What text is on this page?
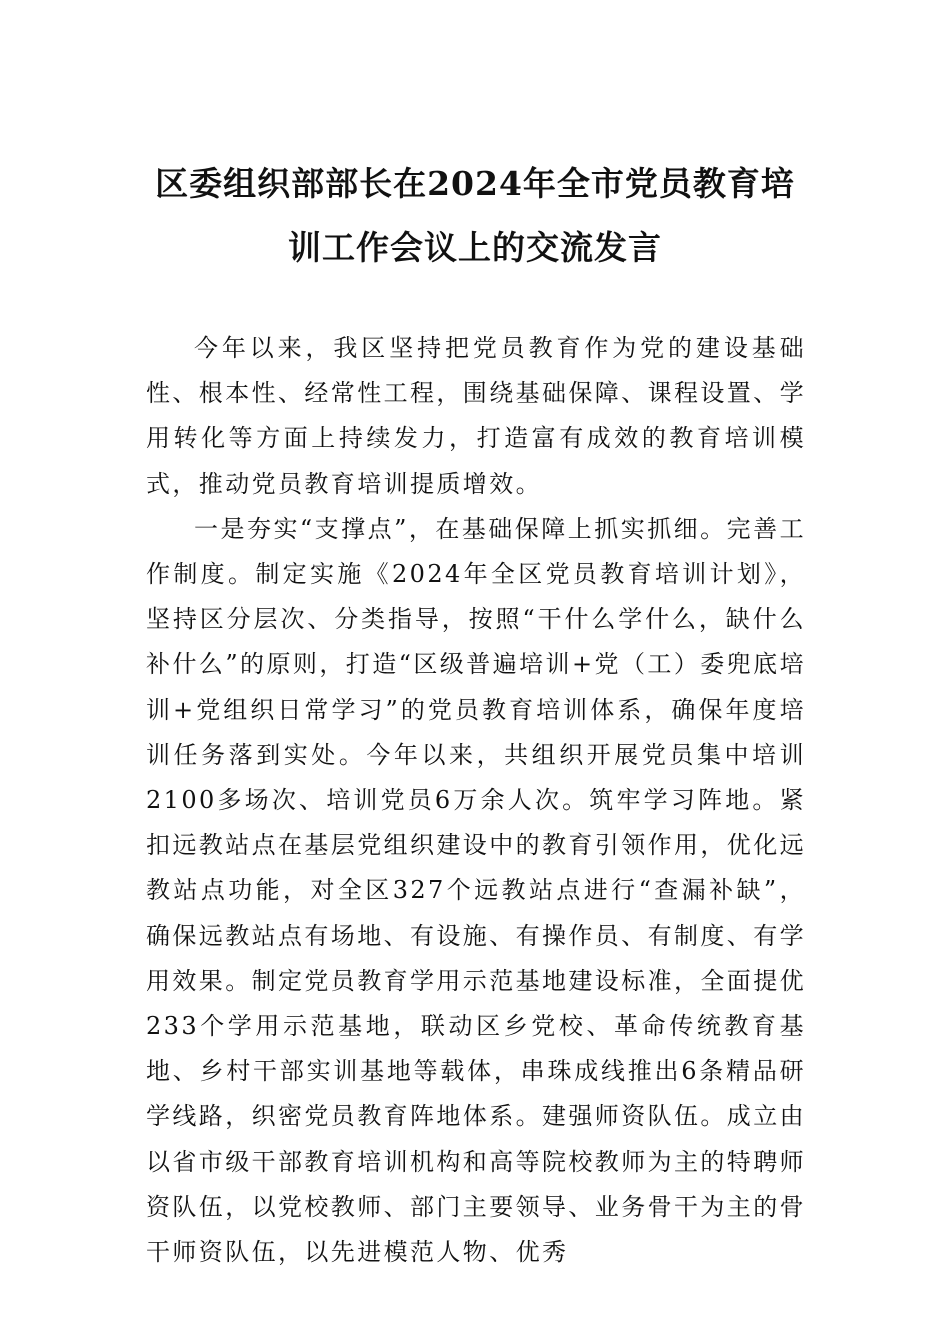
区委组织部部长在2024年全市党员教育培
训工作会议上的交流发言

今年以来，我区坚持把党员教育作为党的建设基础性、根本性、经常性工程，围绕基础保障、课程设置、学用转化等方面上持续发力，打造富有成效的教育培训模式，推动党员教育培训提质增效。

一是夯实“支撑点”，在基础保障上抓实抓细。完善工作制度。制定实施《2024年全区党员教育培训计划》，坚持区分层次、分类指导，按照“干什么学什么，缺什么补什么”的原则，打造“区级普遍培训+党（工）委兜底培训+党组织日常学习”的党员教育培训体系，确保年度培训任务落到实处。今年以来，共组织开展党员集中培训2100多场次、培训党员6万余人次。筑牢学习阵地。紧扣远教站点在基层党组织建设中的教育引领作用，优化远教站点功能，对全区327个远教站点进行“查漏补缺”，确保远教站点有场地、有设施、有操作员、有制度、有学用效果。制定党员教育学用示范基地建设标准，全面提优233个学用示范基地，联动区乡党校、革命传统教育基地、乡村干部实训基地等载体，串珠成线推出6条精品研学线路，织密党员教育阵地体系。建强师资队伍。成立由以省市级干部教育培训机构和高等院校教师为主的特聘师资队伍，以党校教师、部门主要领导、业务骨干为主的骨干师资队伍，以先进模范人物、优秀
